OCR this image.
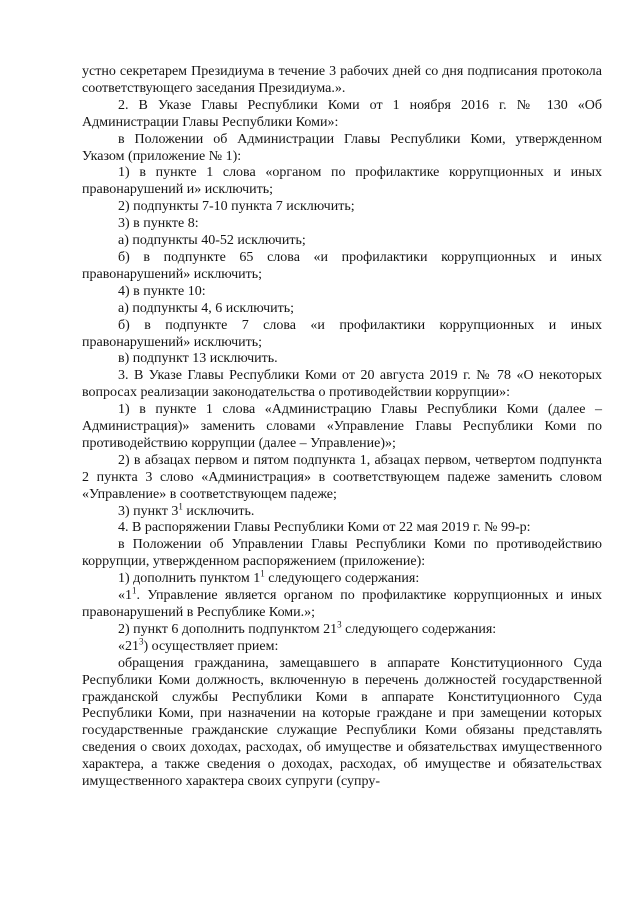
устно секретарем Президиума в течение 3 рабочих дней со дня подписания протокола соответствующего заседания Президиума.».

2. В Указе Главы Республики Коми от 1 ноября 2016 г. № 130 «Об Администрации Главы Республики Коми»:

в Положении об Администрации Главы Республики Коми, утвержденном Указом (приложение № 1):

1) в пункте 1 слова «органом по профилактике коррупционных и иных правонарушений и» исключить;

2) подпункты 7-10 пункта 7 исключить;

3) в пункте 8:

а) подпункты 40-52 исключить;

б) в подпункте 65 слова «и профилактики коррупционных и иных правонарушений» исключить;

4) в пункте 10:

а) подпункты 4, 6 исключить;

б) в подпункте 7 слова «и профилактики коррупционных и иных правонарушений» исключить;

в) подпункт 13 исключить.

3. В Указе Главы Республики Коми от 20 августа 2019 г. № 78 «О некоторых вопросах реализации законодательства о противодействии коррупции»:

1) в пункте 1 слова «Администрацию Главы Республики Коми (далее – Администрация)» заменить словами «Управление Главы Республики Коми по противодействию коррупции (далее – Управление)»;

2) в абзацах первом и пятом подпункта 1, абзацах первом, четвертом подпункта 2 пункта 3 слово «Администрация» в соответствующем падеже заменить словом «Управление» в соответствующем падеже;

3) пункт $3^1$ исключить.

4. В распоряжении Главы Республики Коми от 22 мая 2019 г. № 99-р:

в Положении об Управлении Главы Республики Коми по противодействию коррупции, утвержденном распоряжением (приложение):

1) дополнить пунктом $1^1$ следующего содержания:

«$1^1$. Управление является органом по профилактике коррупционных и иных правонарушений в Республике Коми.»;

2) пункт 6 дополнить подпунктом $21^3$ следующего содержания:

«$21^3$) осуществляет прием:

обращения гражданина, замещавшего в аппарате Конституционного Суда Республики Коми должность, включенную в перечень должностей государственной гражданской службы Республики Коми в аппарате Конституционного Суда Республики Коми, при назначении на которые граждане и при замещении которых государственные гражданские служащие Республики Коми обязаны представлять сведения о своих доходах, расходах, об имуществе и обязательствах имущественного характера, а также сведения о доходах, расходах, об имуществе и обязательствах имущественного характера своих супруги (супру-
